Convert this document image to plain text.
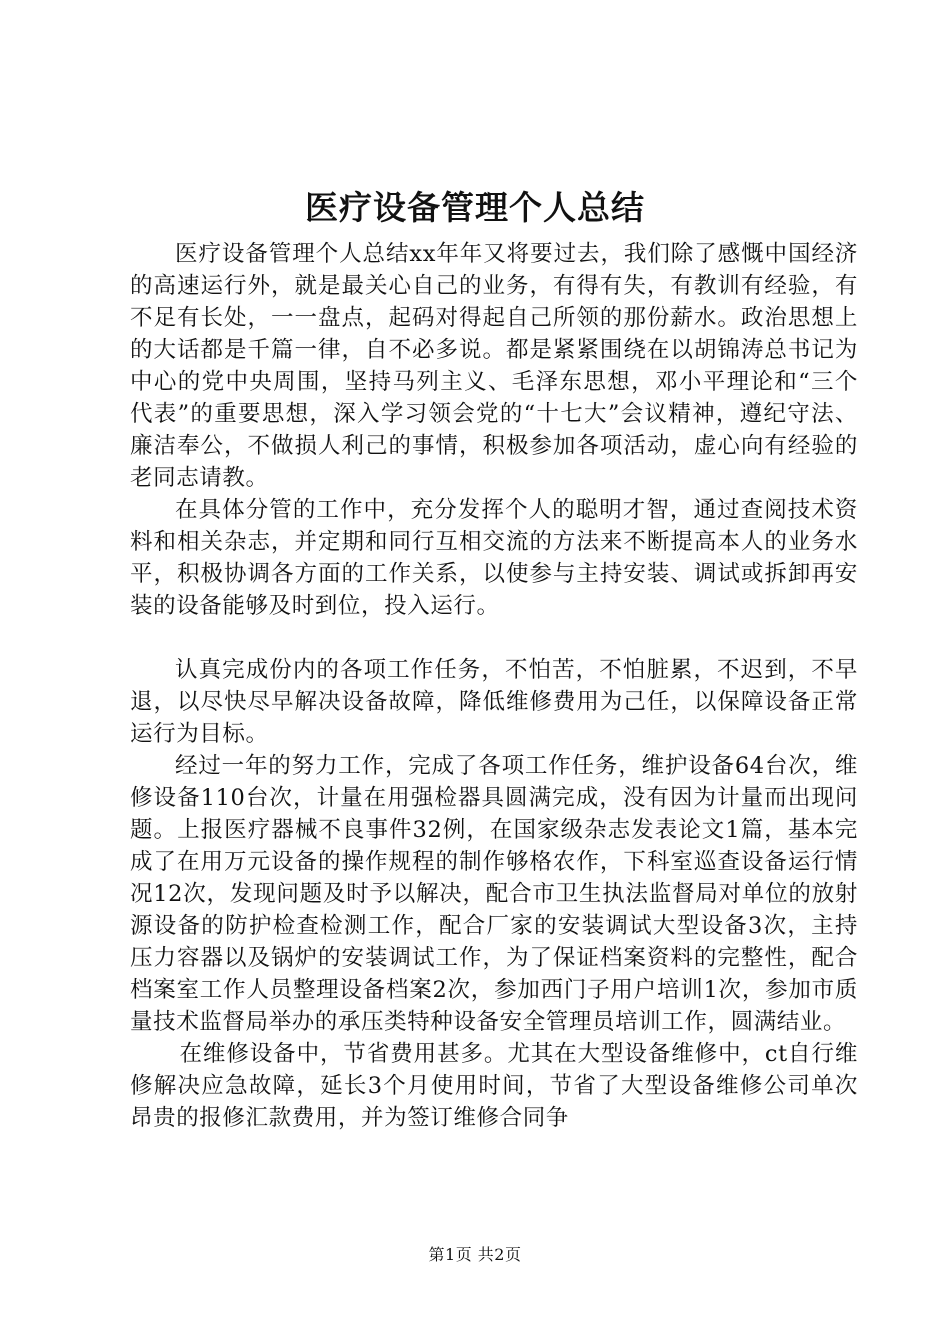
医疗设备管理个人总结

医疗设备管理个人总结xx年年又将要过去，我们除了感慨中国经济的高速运行外，就是最关心自己的业务，有得有失，有教训有经验，有不足有长处，一一盘点，起码对得起自己所领的那份薪水。政治思想上的大话都是千篇一律，自不必多说。都是紧紧围绕在以胡锦涛总书记为中心的党中央周围，坚持马列主义、毛泽东思想，邓小平理论和“三个代表”的重要思想，深入学习领会党的“十七大”会议精神，遵纪守法、廉洁奉公，不做损人利己的事情，积极参加各项活动，虚心向有经验的老同志请教。

在具体分管的工作中，充分发挥个人的聪明才智，通过查阅技术资料和相关杂志，并定期和同行互相交流的方法来不断提高本人的业务水平，积极协调各方面的工作关系，以使参与主持安装、调试或拆卸再安装的设备能够及时到位，投入运行。

认真完成份内的各项工作任务，不怕苦，不怕脏累，不迟到，不早退，以尽快尽早解决设备故障，降低维修费用为己任，以保障设备正常运行为目标。

经过一年的努力工作，完成了各项工作任务，维护设备64台次，维修设备110台次，计量在用强检器具圆满完成，没有因为计量而出现问题。上报医疗器械不良事件32例，在国家级杂志发表论文1篇，基本完成了在用万元设备的操作规程的制作够格农作，下科室巡查设备运行情况12次，发现问题及时予以解决，配合市卫生执法监督局对单位的放射源设备的防护检查检测工作，配合厂家的安装调试大型设备3次，主持压力容器以及锅炉的安装调试工作，为了保证档案资料的完整性，配合档案室工作人员整理设备档案2次，参加西门子用户培训1次，参加市质量技术监督局举办的承压类特种设备安全管理员培训工作，圆满结业。

在维修设备中，节省费用甚多。尤其在大型设备维修中，ct自行维修解决应急故障，延长3个月使用时间，节省了大型设备维修公司单次昂贵的报修汇款费用，并为签订维修合同争

第1页 共2页
